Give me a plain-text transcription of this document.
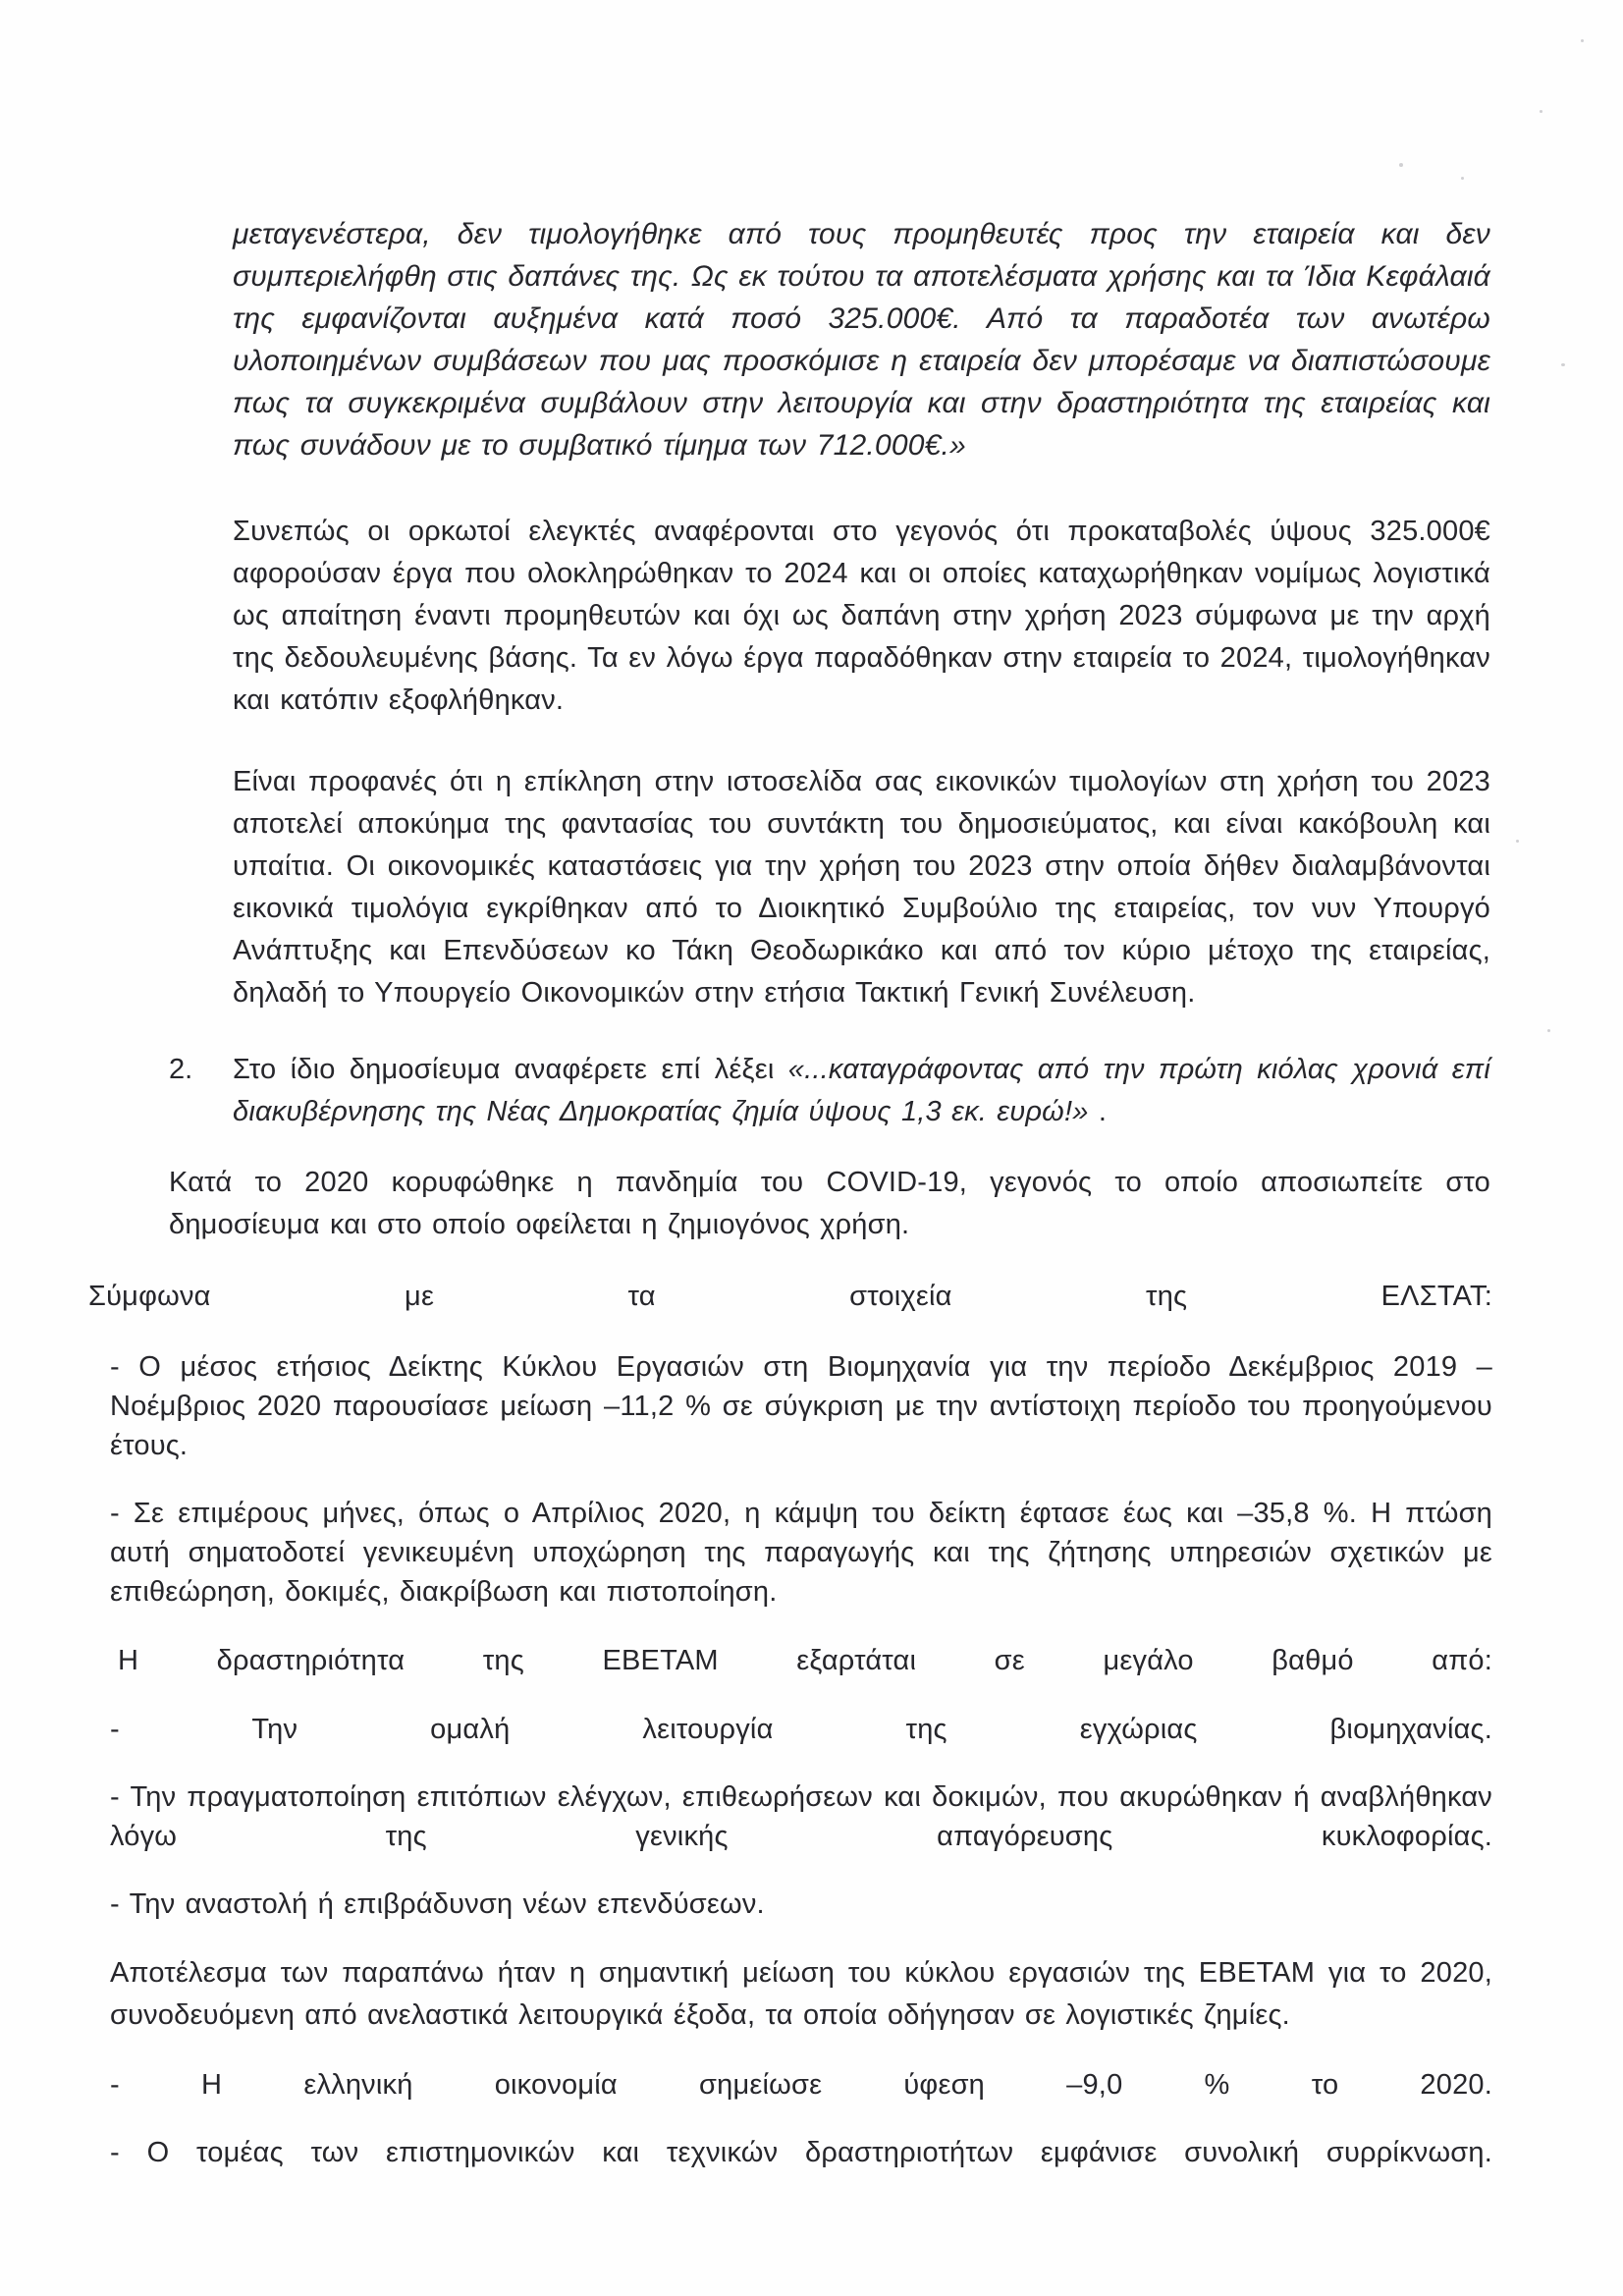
μεταγενέστερα, δεν τιμολογήθηκε από τους προμηθευτές προς την εταιρεία και δεν συμπεριελήφθη στις δαπάνες της. Ως εκ τούτου τα αποτελέσματα χρήσης και τα Ίδια Κεφάλαιά της εμφανίζονται αυξημένα κατά ποσό 325.000€. Από τα παραδοτέα των ανωτέρω υλοποιημένων συμβάσεων που μας προσκόμισε η εταιρεία δεν μπορέσαμε να διαπιστώσουμε πως τα συγκεκριμένα συμβάλουν στην λειτουργία και στην δραστηριότητα της εταιρείας και πως συνάδουν με το συμβατικό τίμημα των 712.000€.»

Συνεπώς οι ορκωτοί ελεγκτές αναφέρονται στο γεγονός ότι προκαταβολές ύψους 325.000€ αφορούσαν έργα που ολοκληρώθηκαν το 2024 και οι οποίες καταχωρήθηκαν νομίμως λογιστικά ως απαίτηση έναντι προμηθευτών και όχι ως δαπάνη στην χρήση 2023 σύμφωνα με την αρχή της δεδουλευμένης βάσης. Τα εν λόγω έργα παραδόθηκαν στην εταιρεία το 2024, τιμολογήθηκαν και κατόπιν εξοφλήθηκαν.

Είναι προφανές ότι η επίκληση στην ιστοσελίδα σας εικονικών τιμολογίων στη χρήση του 2023 αποτελεί αποκύημα της φαντασίας του συντάκτη του δημοσιεύματος, και είναι κακόβουλη και υπαίτια. Οι οικονομικές καταστάσεις για την χρήση του 2023 στην οποία δήθεν διαλαμβάνονται εικονικά τιμολόγια εγκρίθηκαν από το Διοικητικό Συμβούλιο της εταιρείας, τον νυν Υπουργό Ανάπτυξης και Επενδύσεων κο Τάκη Θεοδωρικάκο και από τον κύριο μέτοχο της εταιρείας, δηλαδή το Υπουργείο Οικονομικών στην ετήσια Τακτική Γενική Συνέλευση.

2.	Στο ίδιο δημοσίευμα αναφέρετε επί λέξει «...καταγράφοντας από την πρώτη κιόλας χρονιά επί διακυβέρνησης της Νέας Δημοκρατίας ζημία ύψους 1,3 εκ. ευρώ!» .

Κατά το 2020 κορυφώθηκε η πανδημία του COVID-19, γεγονός το οποίο αποσιωπείτε στο δημοσίευμα και στο οποίο οφείλεται η ζημιογόνος χρήση.

Σύμφωνα με τα στοιχεία της ΕΛΣΤΑΤ:

- Ο μέσος ετήσιος Δείκτης Κύκλου Εργασιών στη Βιομηχανία για την περίοδο Δεκέμβριος 2019 – Νοέμβριος 2020 παρουσίασε μείωση –11,2 % σε σύγκριση με την αντίστοιχη περίοδο του προηγούμενου έτους.

- Σε επιμέρους μήνες, όπως ο Απρίλιος 2020, η κάμψη του δείκτη έφτασε έως και –35,8 %. Η πτώση αυτή σηματοδοτεί γενικευμένη υποχώρηση της παραγωγής και της ζήτησης υπηρεσιών σχετικών με επιθεώρηση, δοκιμές, διακρίβωση και πιστοποίηση.

Η δραστηριότητα της ΕΒΕΤΑΜ εξαρτάται σε μεγάλο βαθμό από:

- Την ομαλή λειτουργία της εγχώριας βιομηχανίας.

- Την πραγματοποίηση επιτόπιων ελέγχων, επιθεωρήσεων και δοκιμών, που ακυρώθηκαν ή αναβλήθηκαν λόγω της γενικής απαγόρευσης κυκλοφορίας.

- Την αναστολή ή επιβράδυνση νέων επενδύσεων.

Αποτέλεσμα των παραπάνω ήταν η σημαντική μείωση του κύκλου εργασιών της ΕΒΕΤΑΜ για το 2020, συνοδευόμενη από ανελαστικά λειτουργικά έξοδα, τα οποία οδήγησαν σε λογιστικές ζημίες.

- Η ελληνική οικονομία σημείωσε ύφεση –9,0 % το 2020.

- Ο τομέας των επιστημονικών και τεχνικών δραστηριοτήτων εμφάνισε συνολική συρρίκνωση.
